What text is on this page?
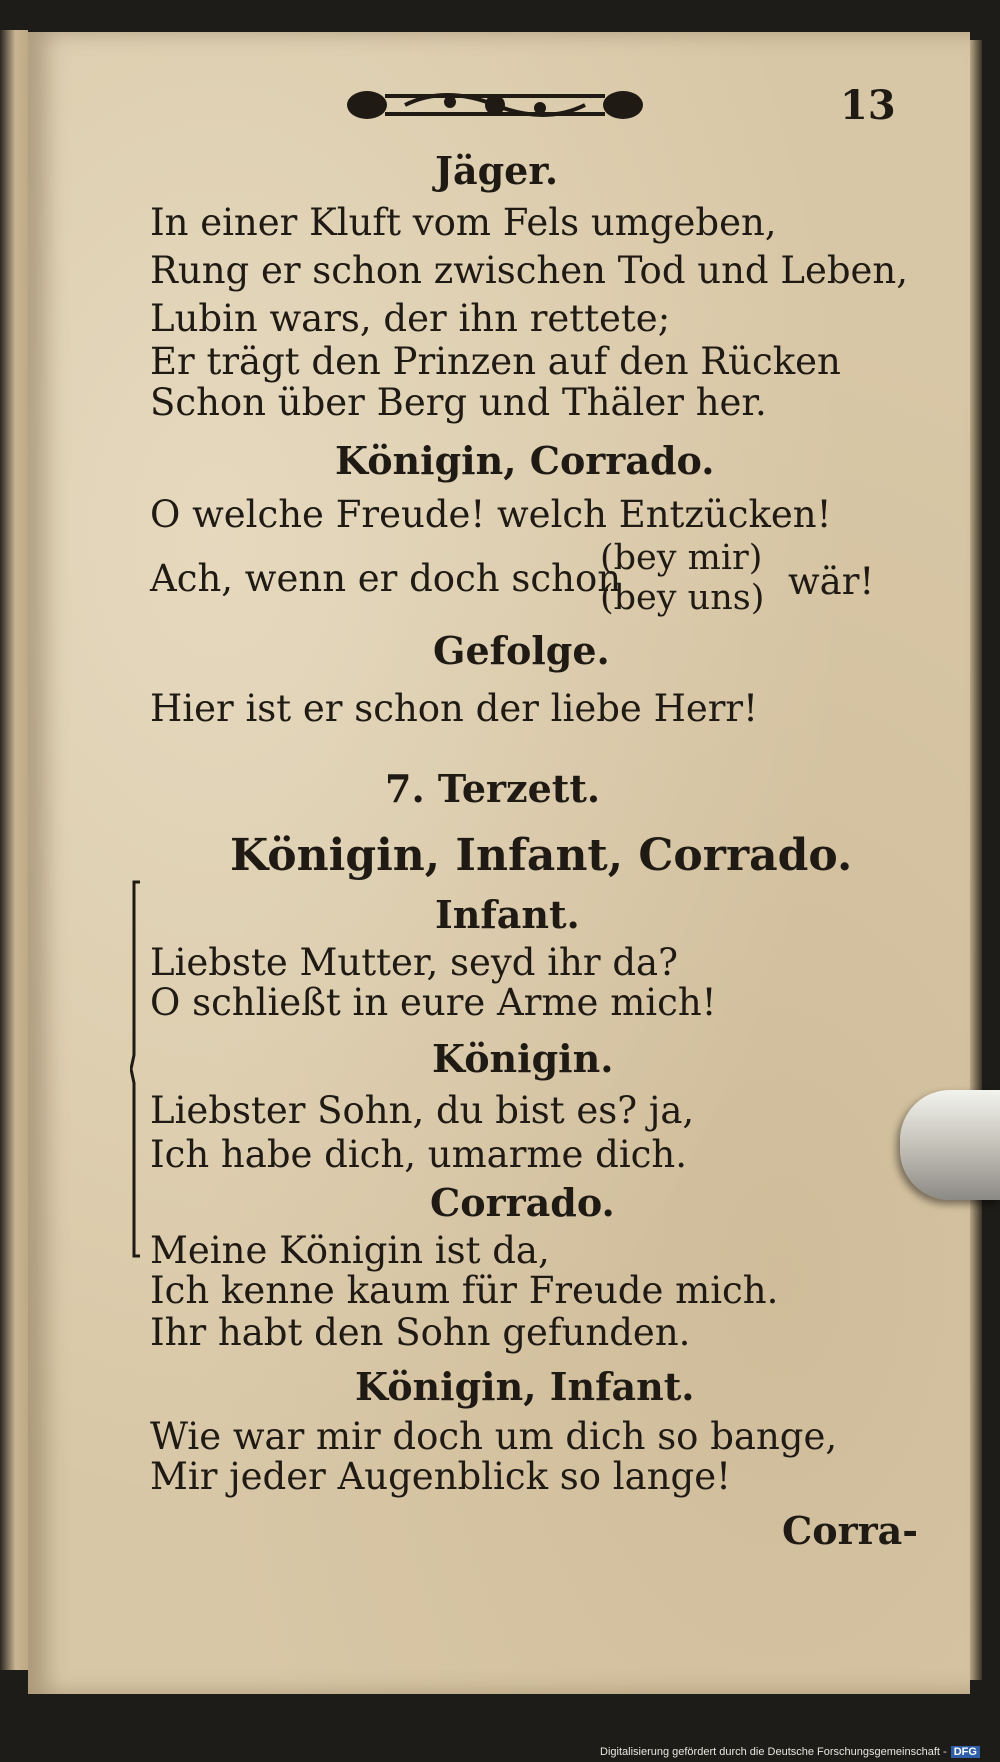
13
Jäger.
In einer Kluft vom Fels umgeben,
Rung er schon zwischen Tod und Leben,
Lubin wars, der ihn rettete;
Er trägt den Prinzen auf den Rücken
Schon über Berg und Thäler her.
Königin, Corrado.
O welche Freude! welch Entzücken!
Ach, wenn er doch schon
(bey mir)
(bey uns) wär!
Gefolge.
Hier ist er schon der liebe Herr!
7. Terzett.
Königin, Infant, Corrado.
Infant.
Liebste Mutter, seyd ihr da?
O schließt in eure Arme mich!
Königin.
Liebster Sohn, du bist es? ja,
Ich habe dich, umarme dich.
Corrado.
Meine Königin ist da,
Ich kenne kaum für Freude mich.
Ihr habt den Sohn gefunden.
Königin, Infant.
Wie war mir doch um dich so bange,
Mir jeder Augenblick so lange!
Corra-
Digitalisierung gefördert durch die Deutsche Forschungsgemeinschaft - DFG
